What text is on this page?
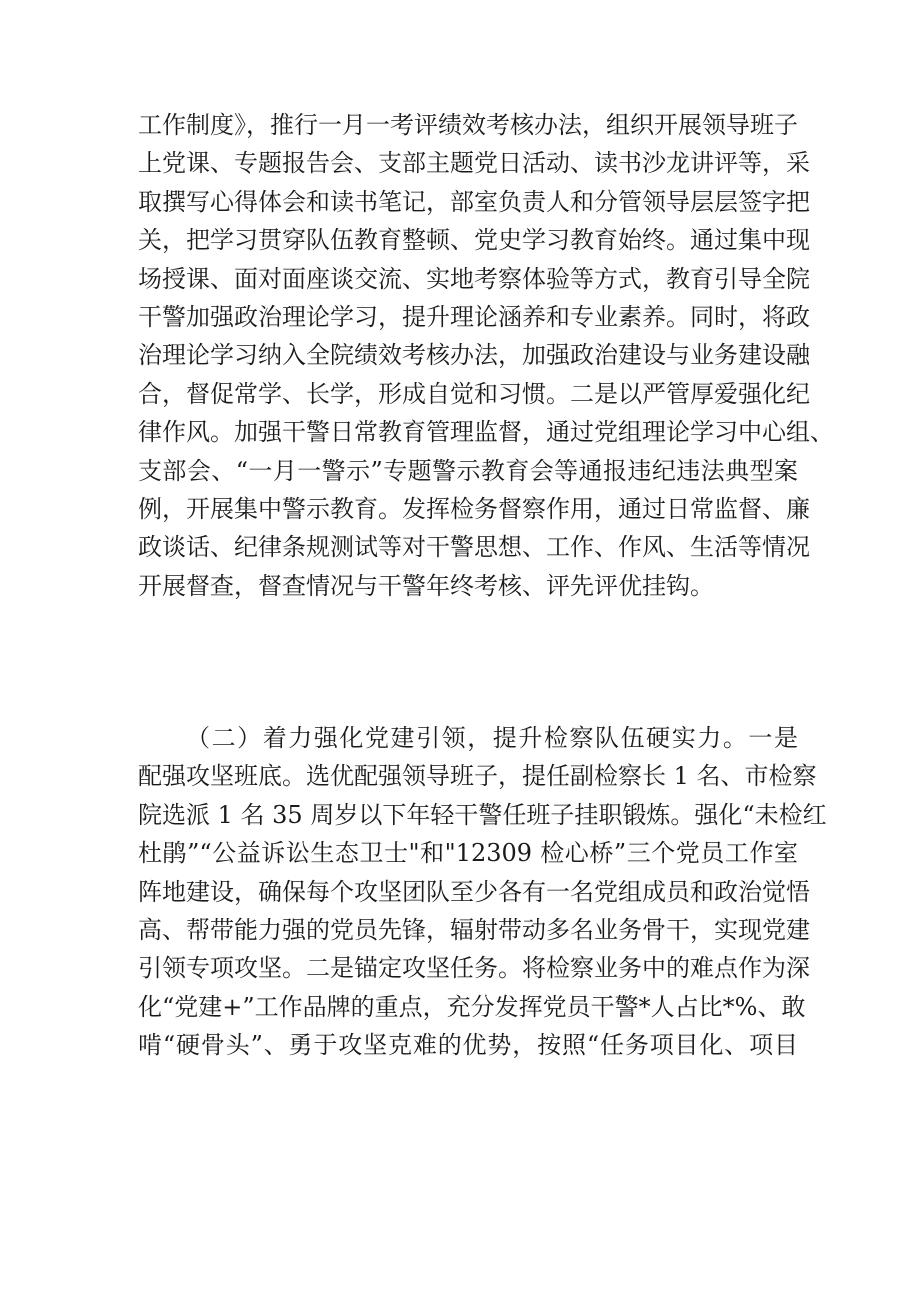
工作制度》，推行一月一考评绩效考核办法，组织开展领导班子
上党课、专题报告会、支部主题党日活动、读书沙龙讲评等，采
取撰写心得体会和读书笔记，部室负责人和分管领导层层签字把
关，把学习贯穿队伍教育整顿、党史学习教育始终。通过集中现
场授课、面对面座谈交流、实地考察体验等方式，教育引导全院
干警加强政治理论学习，提升理论涵养和专业素养。同时，将政
治理论学习纳入全院绩效考核办法，加强政治建设与业务建设融
合，督促常学、长学，形成自觉和习惯。二是以严管厚爱强化纪
律作风。加强干警日常教育管理监督，通过党组理论学习中心组、
支部会、“一月一警示”专题警示教育会等通报违纪违法典型案
例，开展集中警示教育。发挥检务督察作用，通过日常监督、廉
政谈话、纪律条规测试等对干警思想、工作、作风、生活等情况
开展督查，督查情况与干警年终考核、评先评优挂钩。
（二）着力强化党建引领，提升检察队伍硬实力。一是
配强攻坚班底。选优配强领导班子，提任副检察长 1 名、市检察
院选派 1 名 35 周岁以下年轻干警任班子挂职锻炼。强化“未检红
杜鹃”“公益诉讼生态卫士"和"12309 检心桥”三个党员工作室
阵地建设，确保每个攻坚团队至少各有一名党组成员和政治觉悟
高、帮带能力强的党员先锋，辐射带动多名业务骨干，实现党建
引领专项攻坚。二是锚定攻坚任务。将检察业务中的难点作为深
化“党建+”工作品牌的重点，充分发挥党员干警*人占比*%、敢
啃“硬骨头”、勇于攻坚克难的优势，按照“任务项目化、项目
